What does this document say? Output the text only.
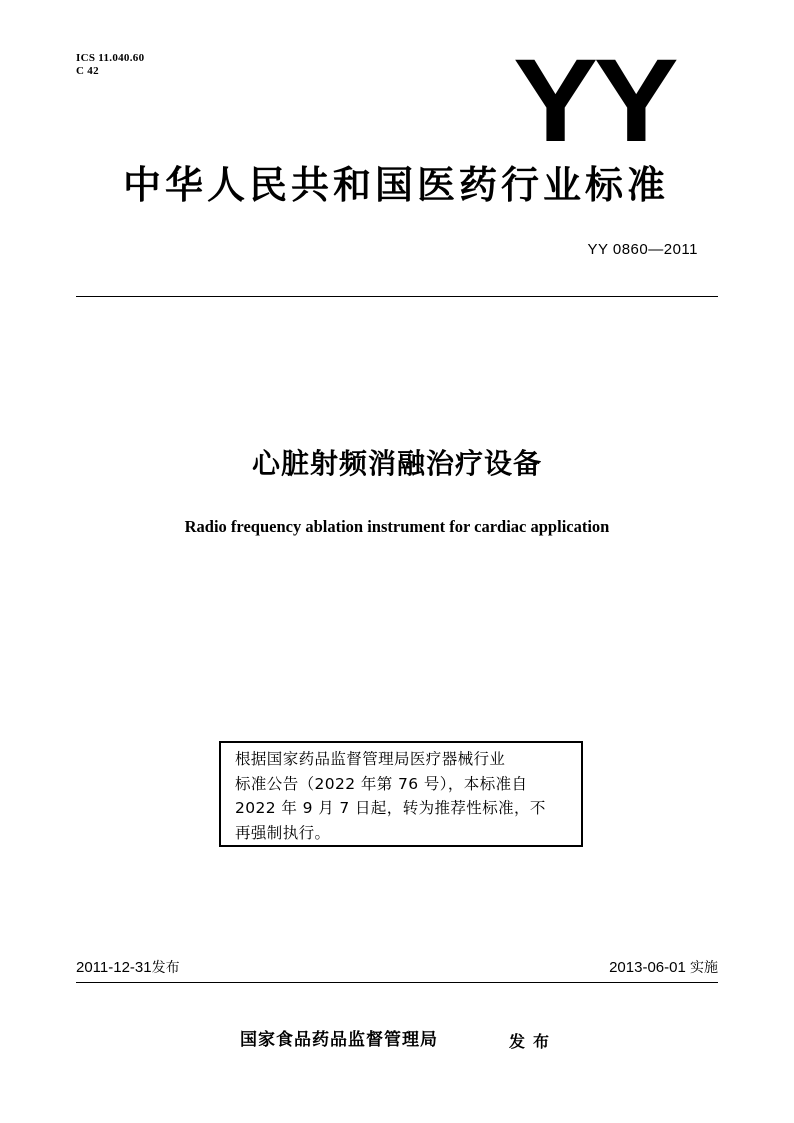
ICS 11.040.60
C 42	YY
中华人民共和国医药行业标准
YY 0860—2011
心脏射频消融治疗设备
Radio frequency ablation instrument for cardiac application
根据国家药品监督管理局医疗器械行业
标准公告（2022 年第 76 号），本标准自
2022 年 9 月 7 日起，转为推荐性标准，不
再强制执行。
2011-12-31发布	2013-06-01 实施
国家食品药品监督管理局	发布
